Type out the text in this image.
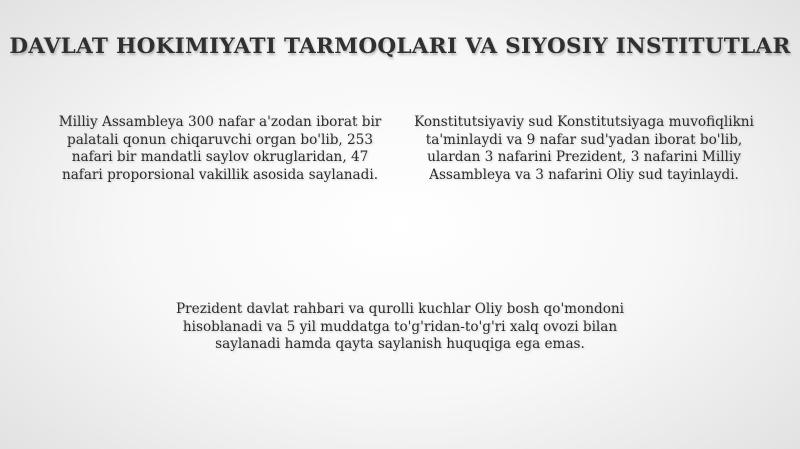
DAVLAT HOKIMIYATI TARMOQLARI VA SIYOSIY INSTITUTLAR

Milliy Assambleya 300 nafar a'zodan iborat bir palatali qonun chiqaruvchi organ bo'lib, 253 nafari bir mandatli saylov okruglaridan, 47 nafari proporsional vakillik asosida saylanadi.

Konstitutsiyaviy sud Konstitutsiyaga muvofiqlikni ta'minlaydi va 9 nafar sud'yadan iborat bo'lib, ulardan 3 nafarini Prezident, 3 nafarini Milliy Assambleya va 3 nafarini Oliy sud tayinlaydi.

Prezident davlat rahbari va qurolli kuchlar Oliy bosh qo'mondoni hisoblanadi va 5 yil muddatga to'g'ridan-to'g'ri xalq ovozi bilan saylanadi hamda qayta saylanish huquqiga ega emas.
